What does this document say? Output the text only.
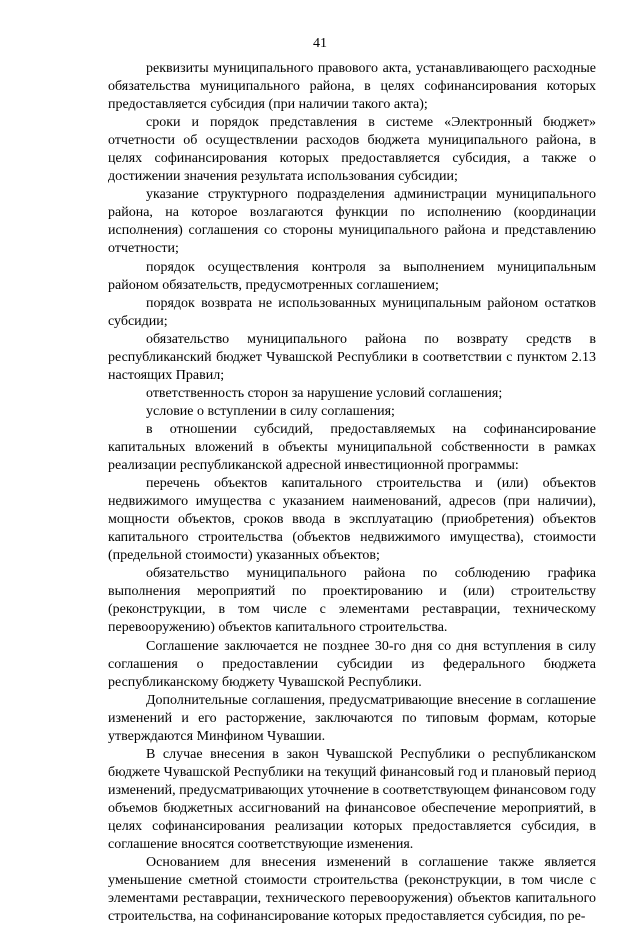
41

реквизиты муниципального правового акта, устанавливающего расходные обязательства муниципального района, в целях софинансирования которых предоставляется субсидия (при наличии такого акта);

сроки и порядок представления в системе «Электронный бюджет» отчетности об осуществлении расходов бюджета муниципального района, в целях софинансирования которых предоставляется субсидия, а также о достижении значения результата использования субсидии;

указание структурного подразделения администрации муниципального района, на которое возлагаются функции по исполнению (координации исполнения) соглашения со стороны муниципального района и представлению отчетности;

порядок осуществления контроля за выполнением муниципальным районом обязательств, предусмотренных соглашением;

порядок возврата не использованных муниципальным районом остатков субсидии;

обязательство муниципального района по возврату средств в республиканский бюджет Чувашской Республики в соответствии с пунктом 2.13 настоящих Правил;

ответственность сторон за нарушение условий соглашения;

условие о вступлении в силу соглашения;

в отношении субсидий, предоставляемых на софинансирование капитальных вложений в объекты муниципальной собственности в рамках реализации республиканской адресной инвестиционной программы:

перечень объектов капитального строительства и (или) объектов недвижимого имущества с указанием наименований, адресов (при наличии), мощности объектов, сроков ввода в эксплуатацию (приобретения) объектов капитального строительства (объектов недвижимого имущества), стоимости (предельной стоимости) указанных объектов;

обязательство муниципального района по соблюдению графика выполнения мероприятий по проектированию и (или) строительству (реконструкции, в том числе с элементами реставрации, техническому перевооружению) объектов капитального строительства.

Соглашение заключается не позднее 30-го дня со дня вступления в силу соглашения о предоставлении субсидии из федерального бюджета республиканскому бюджету Чувашской Республики.

Дополнительные соглашения, предусматривающие внесение в соглашение изменений и его расторжение, заключаются по типовым формам, которые утверждаются Минфином Чувашии.

В случае внесения в закон Чувашской Республики о республиканском бюджете Чувашской Республики на текущий финансовый год и плановый период изменений, предусматривающих уточнение в соответствующем финансовом году объемов бюджетных ассигнований на финансовое обеспечение мероприятий, в целях софинансирования реализации которых предоставляется субсидия, в соглашение вносятся соответствующие изменения.

Основанием для внесения изменений в соглашение также является уменьшение сметной стоимости строительства (реконструкции, в том числе с элементами реставрации, технического перевооружения) объектов капитального строительства, на софинансирование которых предоставляется субсидия, по ре-
